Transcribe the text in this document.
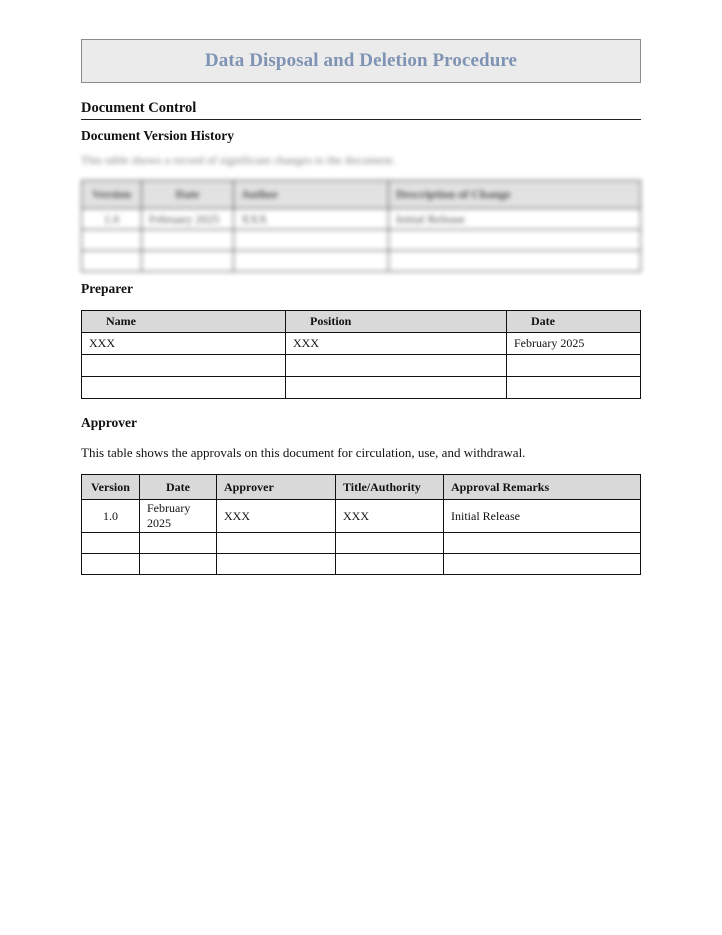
Data Disposal and Deletion Procedure
Document Control
Document Version History
This table shows a record of significant changes to the document.
Version	Date	Author	Description of Change
1.0	February 2025	XXX	Initial Release

Preparer
Name	Position	Date
XXX	XXX	February 2025

Approver
This table shows the approvals on this document for circulation, use, and withdrawal.
Version	Date	Approver	Title/Authority	Approval Remarks
1.0	February 2025	XXX	XXX	Initial Release
